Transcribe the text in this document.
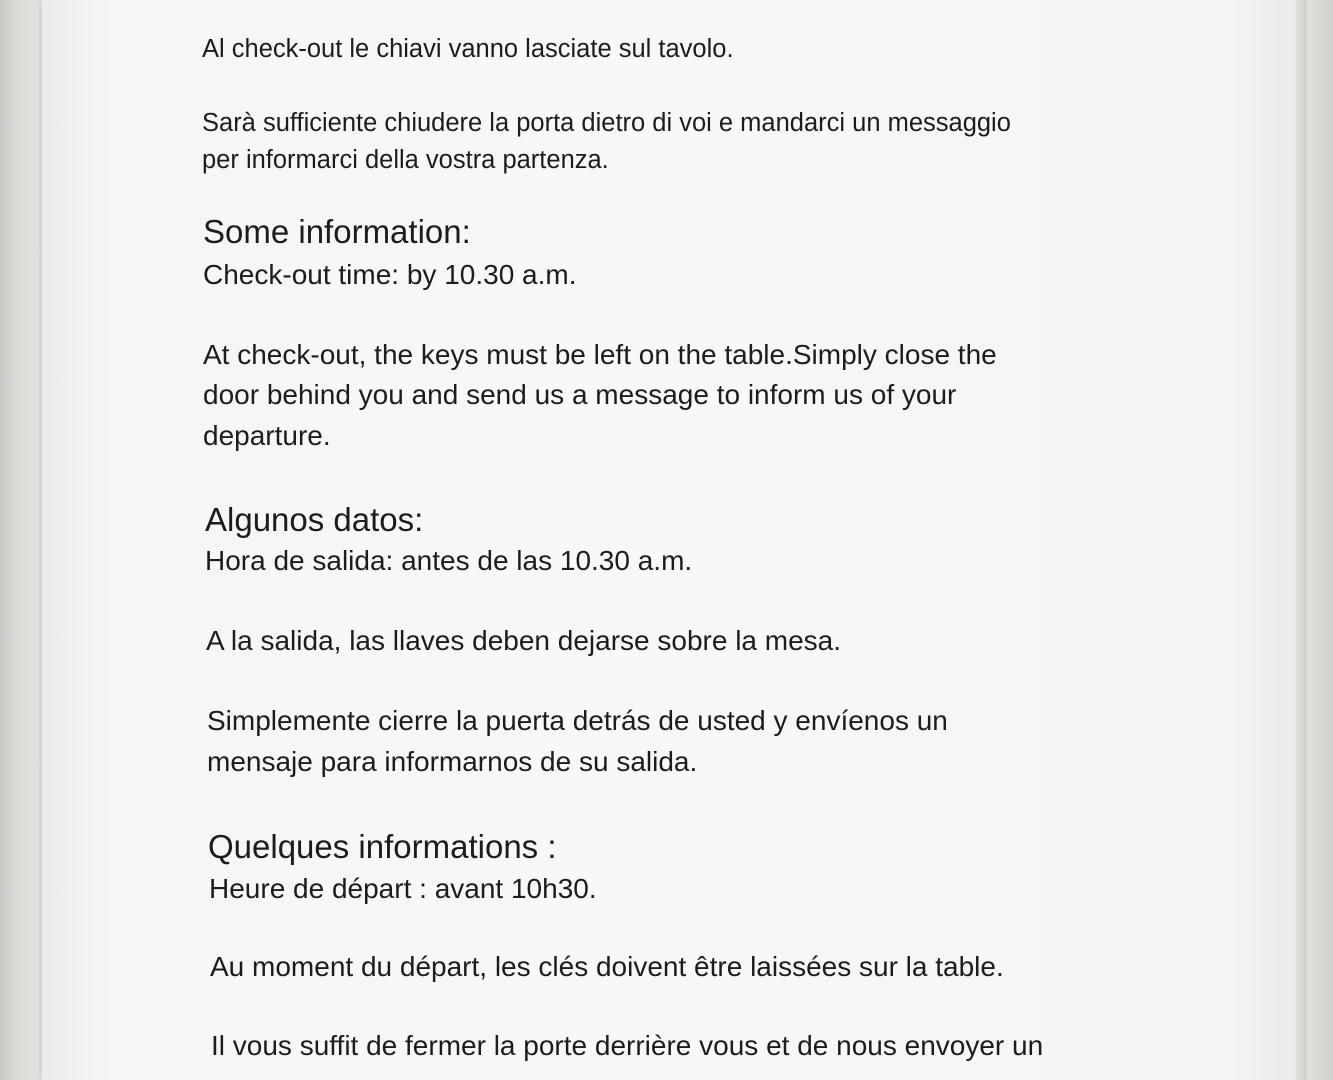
Al check-out le chiavi vanno lasciate sul tavolo.

Sarà sufficiente chiudere la porta dietro di voi e mandarci un messaggio

per informarci della vostra partenza.

Some information:

Check-out time: by 10.30 a.m.

At check-out, the keys must be left on the table.Simply close the

door behind you and send us a message to inform us of your

departure.

Algunos datos:

Hora de salida: antes de las 10.30 a.m.

A la salida, las llaves deben dejarse sobre la mesa.

Simplemente cierre la puerta detrás de usted y envíenos un

mensaje para informarnos de su salida.

Quelques informations :

Heure de départ : avant 10h30.

Au moment du départ, les clés doivent être laissées sur la table.

Il vous suffit de fermer la porte derrière vous et de nous envoyer un
